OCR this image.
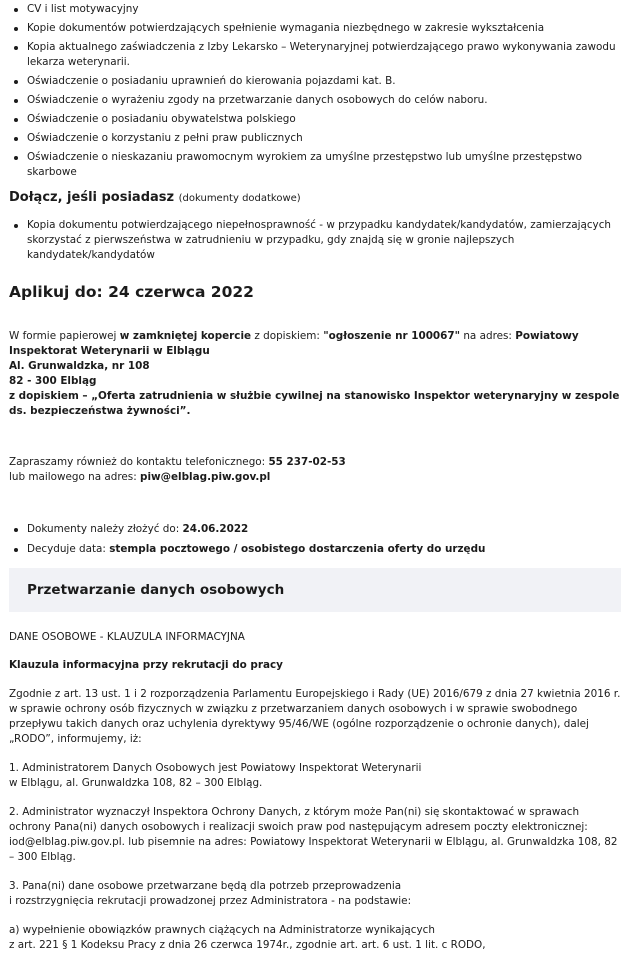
CV i list motywacyjny
Kopie dokumentów potwierdzających spełnienie wymagania niezbędnego w zakresie wykształcenia
Kopia aktualnego zaświadczenia z Izby Lekarsko – Weterynaryjnej potwierdzającego prawo wykonywania zawodu lekarza weterynarii.
Oświadczenie o posiadaniu uprawnień do kierowania pojazdami kat. B.
Oświadczenie o wyrażeniu zgody na przetwarzanie danych osobowych do celów naboru.
Oświadczenie o posiadaniu obywatelstwa polskiego
Oświadczenie o korzystaniu z pełni praw publicznych
Oświadczenie o nieskazaniu prawomocnym wyrokiem za umyślne przestępstwo lub umyślne przestępstwo skarbowe
Dołącz, jeśli posiadasz (dokumenty dodatkowe)
Kopia dokumentu potwierdzającego niepełnosprawność - w przypadku kandydatek/kandydatów, zamierzających skorzystać z pierwszeństwa w zatrudnieniu w przypadku, gdy znajdą się w gronie najlepszych kandydatek/kandydatów
Aplikuj do: 24 czerwca 2022

W formie papierowej w zamkniętej kopercie z dopiskiem: "ogłoszenie nr 100067" na adres: Powiatowy Inspektorat Weterynarii w Elblągu
Al. Grunwaldzka, nr 108
82 - 300 Elbląg
z dopiskiem – „Oferta zatrudnienia w służbie cywilnej na stanowisko Inspektor weterynaryjny w zespole ds. bezpieczeństwa żywności”.

Zapraszamy również do kontaktu telefonicznego: 55 237-02-53
lub mailowego na adres: piw@elblag.piw.gov.pl

Dokumenty należy złożyć do: 24.06.2022
Decyduje data: stempla pocztowego / osobistego dostarczenia oferty do urzędu
Przetwarzanie danych osobowych

DANE OSOBOWE - KLAUZULA INFORMACYJNA

Klauzula informacyjna przy rekrutacji do pracy

Zgodnie z art. 13 ust. 1 i 2 rozporządzenia Parlamentu Europejskiego i Rady (UE) 2016/679 z dnia 27 kwietnia 2016 r. w sprawie ochrony osób fizycznych w związku z przetwarzaniem danych osobowych i w sprawie swobodnego przepływu takich danych oraz uchylenia dyrektywy 95/46/WE (ogólne rozporządzenie o ochronie danych), dalej „RODO”, informujemy, iż:

1. Administratorem Danych Osobowych jest Powiatowy Inspektorat Weterynarii
w Elblągu, al. Grunwaldzka 108, 82 – 300 Elbląg.

2. Administrator wyznaczył Inspektora Ochrony Danych, z którym może Pan(ni) się skontaktować w sprawach ochrony Pana(ni) danych osobowych i realizacji swoich praw pod następującym adresem poczty elektronicznej: iod@elblag.piw.gov.pl. lub pisemnie na adres: Powiatowy Inspektorat Weterynarii w Elblągu, al. Grunwaldzka 108, 82 – 300 Elbląg.

3. Pana(ni) dane osobowe przetwarzane będą dla potrzeb przeprowadzenia
i rozstrzygnięcia rekrutacji prowadzonej przez Administratora - na podstawie:

a) wypełnienie obowiązków prawnych ciążących na Administratorze wynikających
z art. 221 § 1 Kodeksu Pracy z dnia 26 czerwca 1974r., zgodnie art. art. 6 ust. 1 lit. c RODO,
